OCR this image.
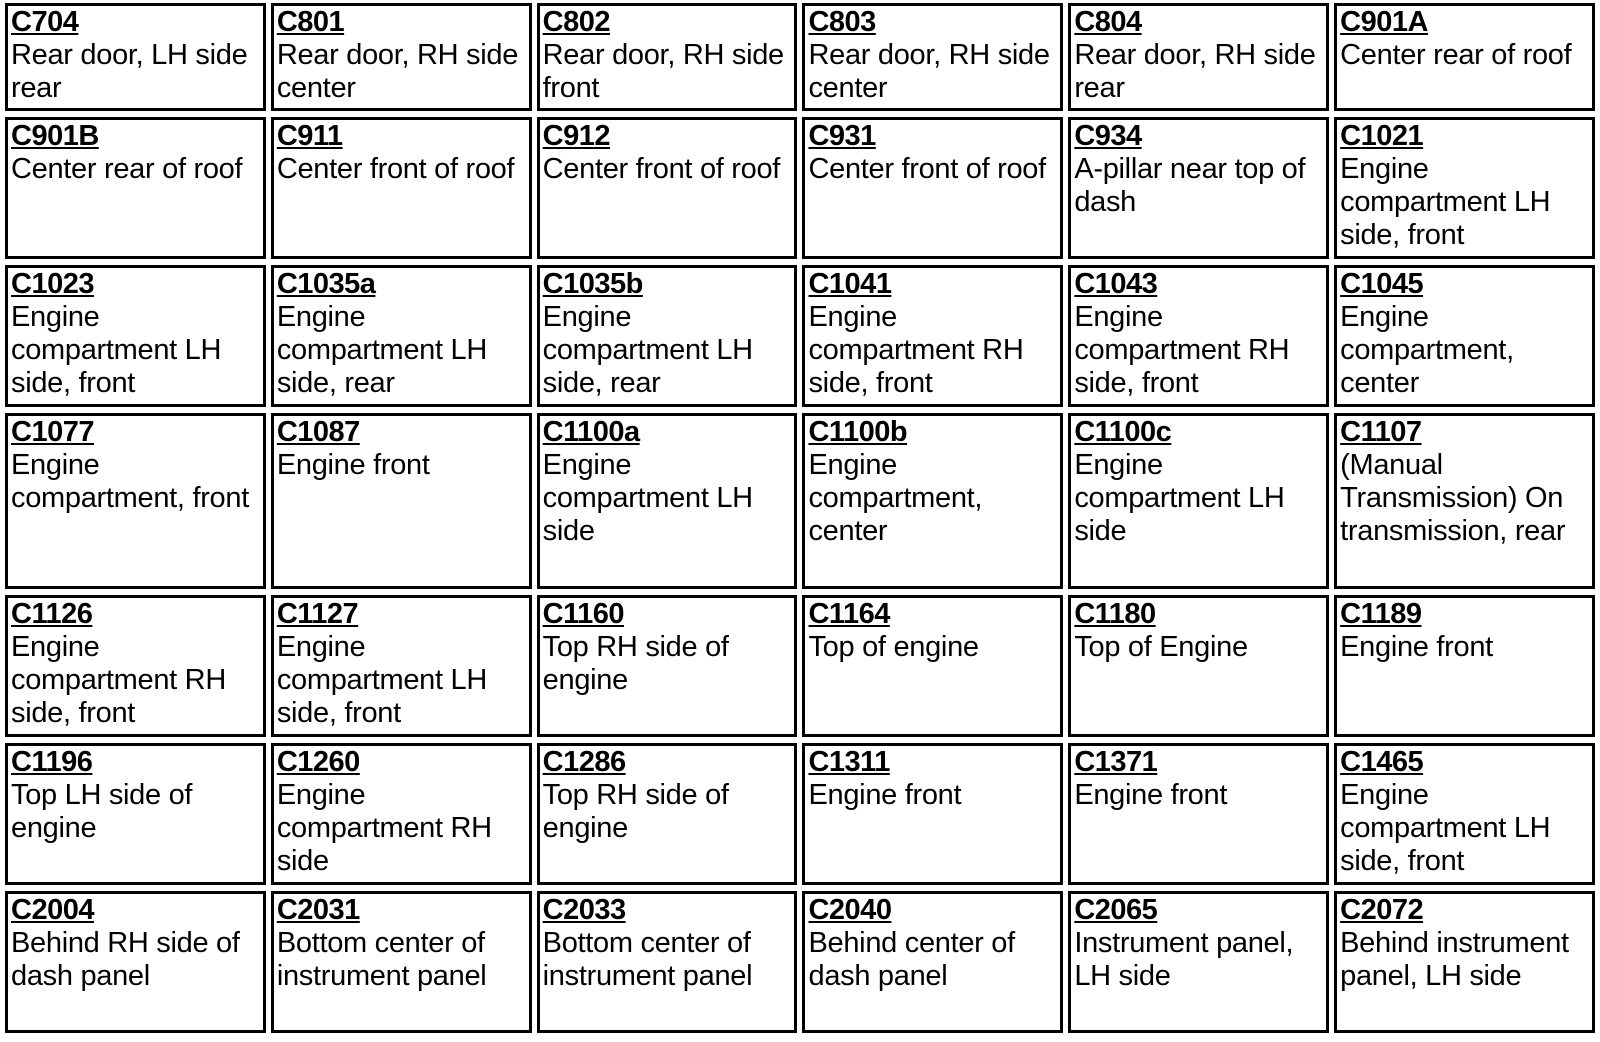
C704
Rear door, LH side rear	C801
Rear door, RH side center	C802
Rear door, RH side front	C803
Rear door, RH side center	C804
Rear door, RH side rear	C901A
Center rear of roof

C901B
Center rear of roof	C911
Center front of roof	C912
Center front of roof	C931
Center front of roof	C934
A-pillar near top of dash	C1021
Engine compartment LH side, front

C1023
Engine compartment LH side, front	C1035a
Engine compartment LH side, rear	C1035b
Engine compartment LH side, rear	C1041
Engine compartment RH side, front	C1043
Engine compartment RH side, front	C1045
Engine compartment, center

C1077
Engine compartment, front	C1087
Engine front	C1100a
Engine compartment LH side	C1100b
Engine compartment, center	C1100c
Engine compartment LH side	C1107
(Manual Transmission) On transmission, rear

C1126
Engine compartment RH side, front	C1127
Engine compartment LH side, front	C1160
Top RH side of engine	C1164
Top of engine	C1180
Top of Engine	C1189
Engine front

C1196
Top LH side of engine	C1260
Engine compartment RH side	C1286
Top RH side of engine	C1311
Engine front	C1371
Engine front	C1465
Engine compartment LH side, front

C2004
Behind RH side of dash panel	C2031
Bottom center of instrument panel	C2033
Bottom center of instrument panel	C2040
Behind center of dash panel	C2065
Instrument panel, LH side	C2072
Behind instrument panel, LH side
